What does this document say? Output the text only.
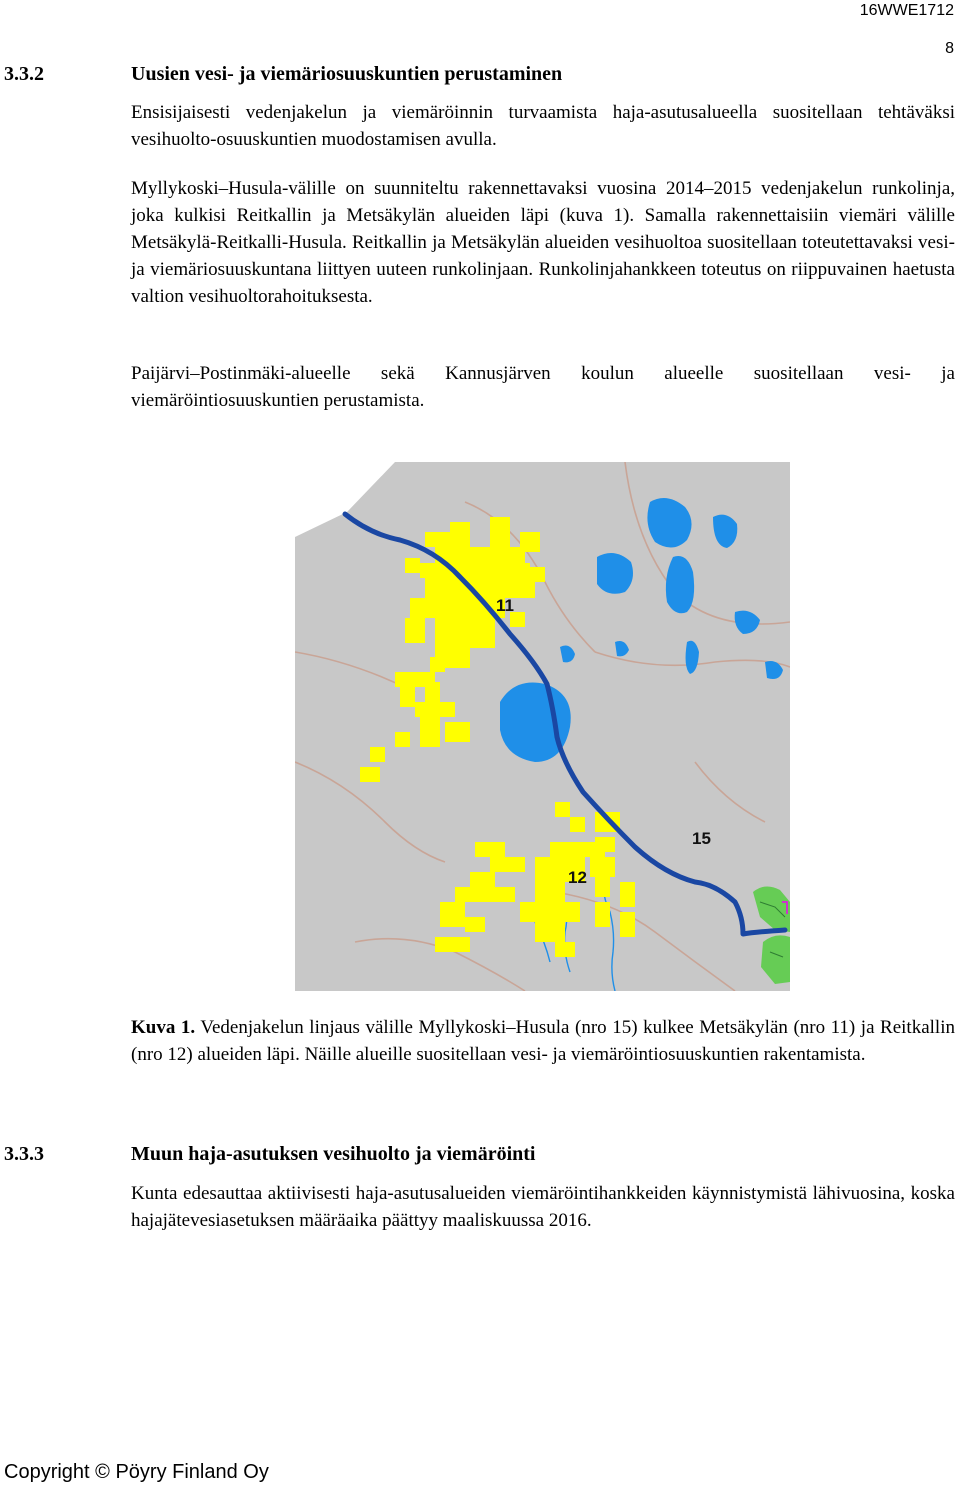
16WWE1712
8
3.3.2	Uusien vesi- ja viemäriosuuskuntien perustaminen

Ensisijaisesti vedenjakelun ja viemäröinnin turvaamista haja-asutusalueella suositellaan tehtäväksi vesihuolto-osuuskuntien muodostamisen avulla.

Myllykoski–Husula-välille on suunniteltu rakennettavaksi vuosina 2014–2015 vedenjakelun runkolinja, joka kulkisi Reitkallin ja Metsäkylän alueiden läpi (kuva 1). Samalla rakennettaisiin viemäri välille Metsäkylä-Reitkalli-Husula. Reitkallin ja Metsäkylän alueiden vesihuoltoa suositellaan toteutettavaksi vesi- ja viemäriosuuskuntana liittyen uuteen runkolinjaan. Runkolinjahankkeen toteutus on riippuvainen haetusta valtion vesihuoltorahoituksesta.

Paijärvi–Postinmäki-alueelle sekä Kannusjärven koulun alueelle suositellaan vesi- ja viemäröintiosuuskuntien perustamista.

11
12
15

Kuva 1. Vedenjakelun linjaus välille Myllykoski–Husula (nro 15) kulkee Metsäkylän (nro 11) ja Reitkallin (nro 12) alueiden läpi. Näille alueille suositellaan vesi- ja viemäröintiosuuskuntien rakentamista.

3.3.3	Muun haja-asutuksen vesihuolto ja viemäröinti

Kunta edesauttaa aktiivisesti haja-asutusalueiden viemäröintihankkeiden käynnistymistä lähivuosina, koska hajajätevesiasetuksen määräaika päättyy maaliskuussa 2016.

Copyright © Pöyry Finland Oy
